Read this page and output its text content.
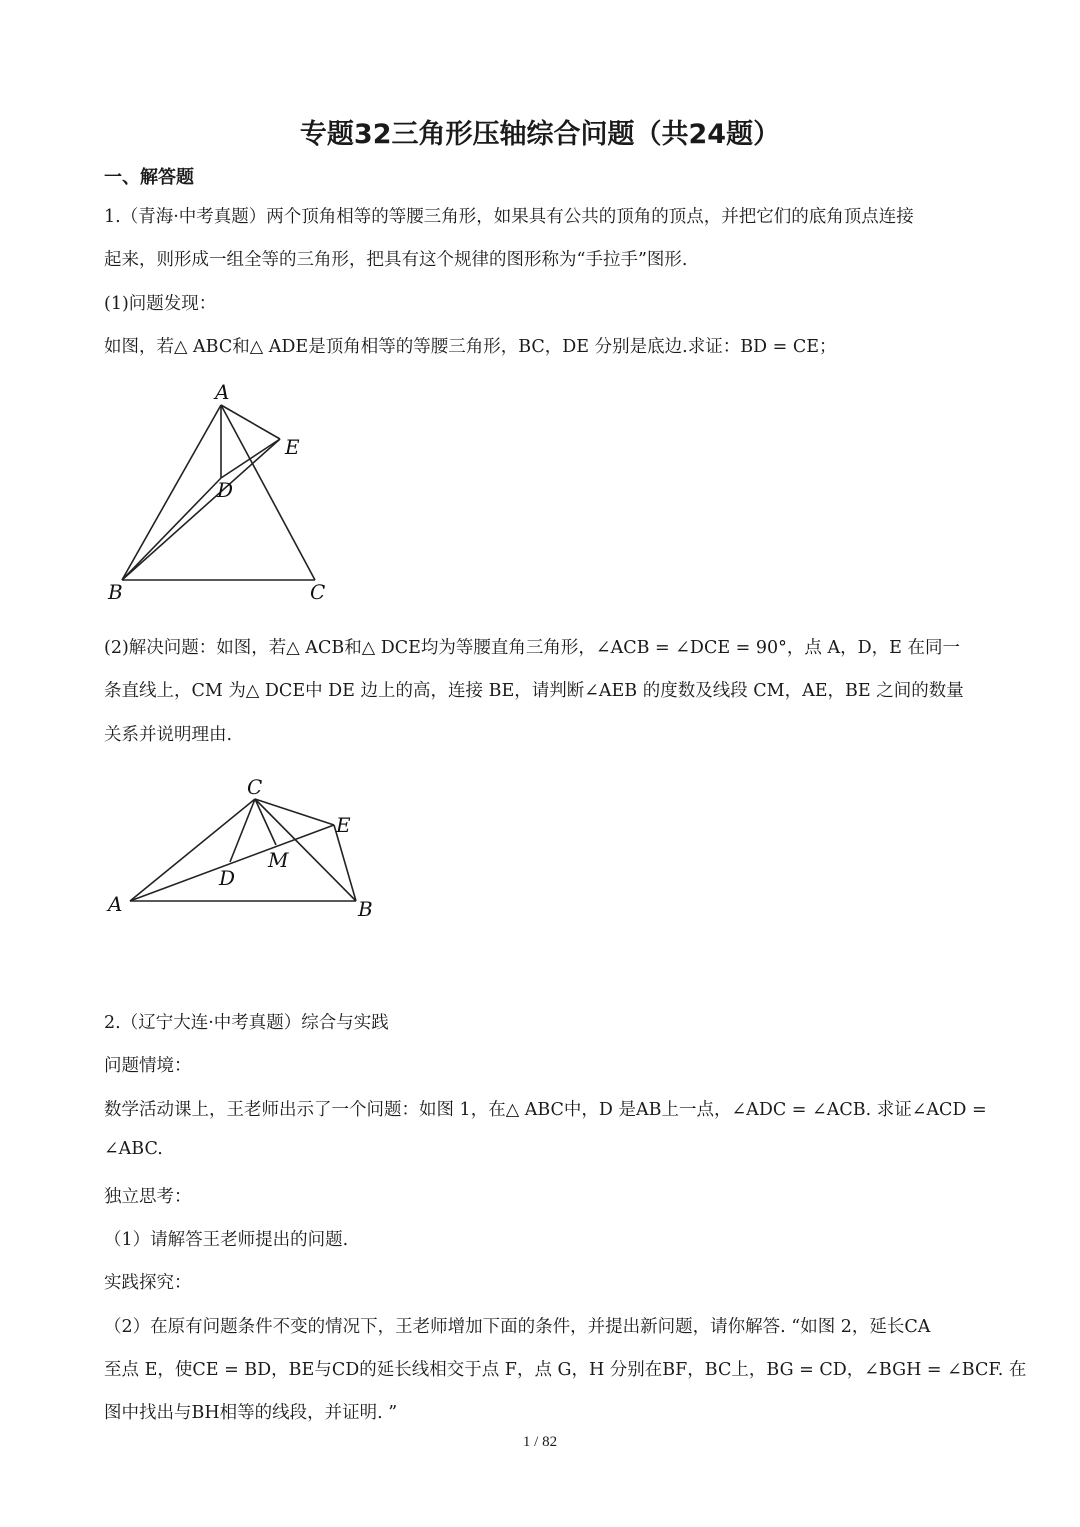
专题32三角形压轴综合问题（共24题）
一、解答题
1.（青海·中考真题）两个顶角相等的等腰三角形，如果具有公共的顶角的顶点，并把它们的底角顶点连接
起来，则形成一组全等的三角形，把具有这个规律的图形称为“手拉手”图形.
(1)问题发现：
如图，若△ ABC和△ ADE是顶角相等的等腰三角形，BC，DE 分别是底边.求证：BD = CE；
A
B	C
D
E
(2)解决问题：如图，若△ ACB和△ DCE均为等腰直角三角形，∠ACB = ∠DCE = 90°，点 A，D，E 在同一
条直线上，CM 为△ DCE中 DE 边上的高，连接 BE，请判断∠AEB 的度数及线段 CM，AE，BE 之间的数量
关系并说明理由.
A	B
C
D
E
M
2.（辽宁大连·中考真题）综合与实践
问题情境：
数学活动课上，王老师出示了一个问题：如图 1，在△ ABC中，D 是AB上一点，∠ADC = ∠ACB. 求证∠ACD =
∠ABC.
独立思考：
（1）请解答王老师提出的问题.
实践探究：
（2）在原有问题条件不变的情况下，王老师增加下面的条件，并提出新问题，请你解答. “如图 2，延长CA
至点 E，使CE = BD，BE与CD的延长线相交于点 F，点 G，H 分别在BF，BC上，BG = CD，∠BGH = ∠BCF. 在
图中找出与BH相等的线段，并证明. ”
1 / 82
